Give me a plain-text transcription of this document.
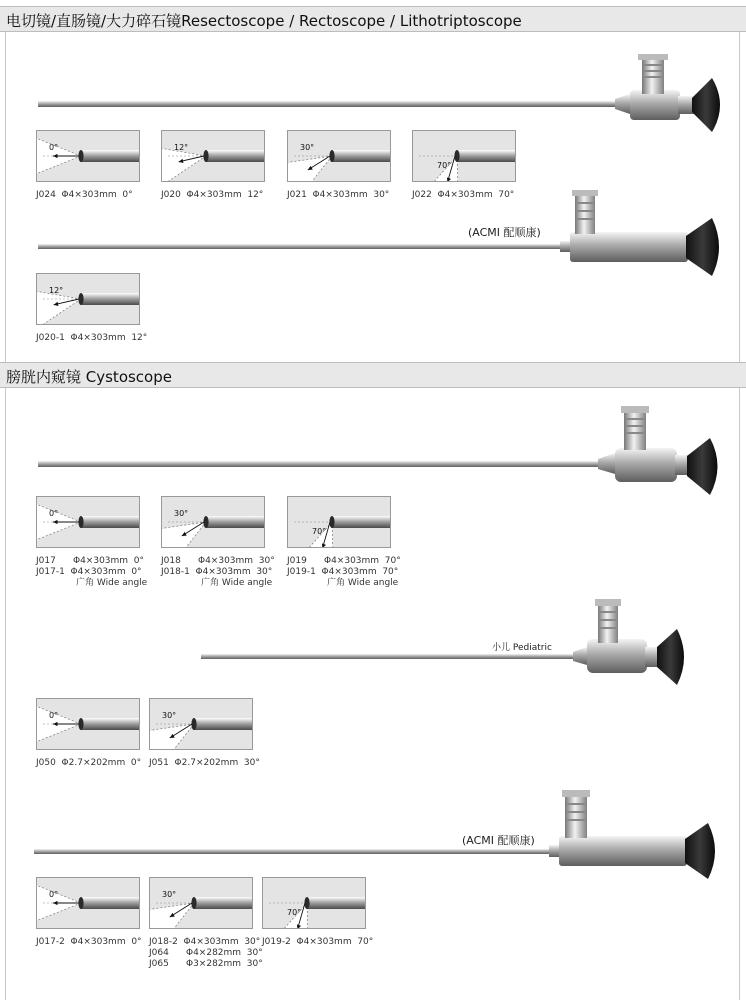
电切镜/直肠镜/大力碎石镜Resectoscope / Rectoscope / Lithotriptoscope
膀胱内窥镜 Cystoscope
(ACMI 配顺康)
小儿 Pediatric
(ACMI 配顺康)
0°
J024  Φ4×303mm  0°
12°
J020  Φ4×303mm  12°
30°
J021  Φ4×303mm  30°
70°
J022  Φ4×303mm  70°
12°
J020-1  Φ4×303mm  12°
0°
J017      Φ4×303mm  0°
J017-1  Φ4×303mm  0°
广角 Wide angle
30°
J018      Φ4×303mm  30°
J018-1  Φ4×303mm  30°
广角 Wide angle
70°
J019      Φ4×303mm  70°
J019-1  Φ4×303mm  70°
广角 Wide angle
0°
J050  Φ2.7×202mm  0°
30°
J051  Φ2.7×202mm  30°
0°
J017-2  Φ4×303mm  0°
30°
J018-2  Φ4×303mm  30°
J064      Φ4×282mm  30°
J065      Φ3×282mm  30°
70°
J019-2  Φ4×303mm  70°
